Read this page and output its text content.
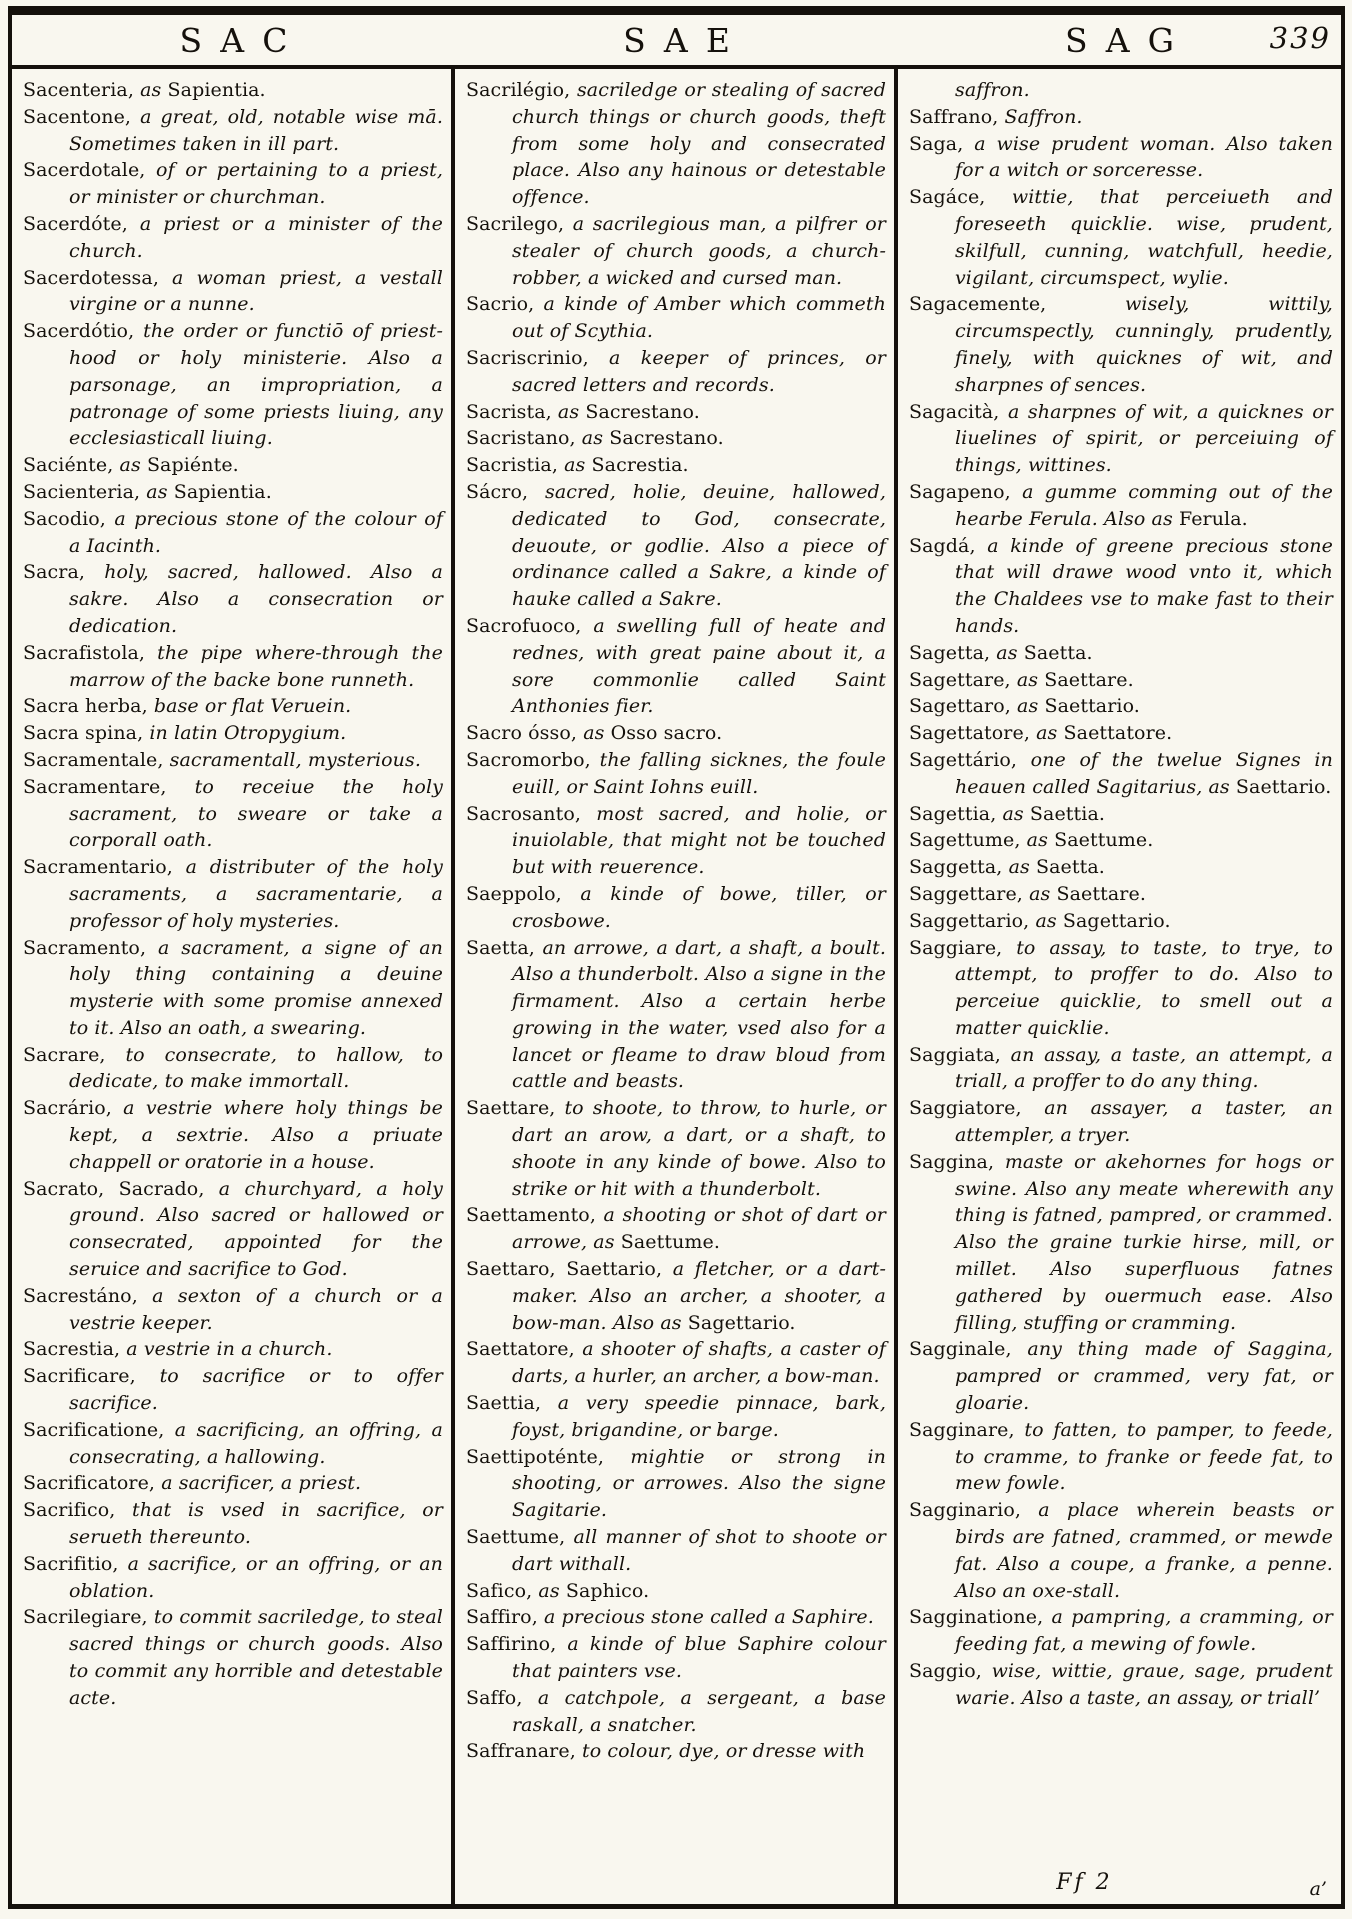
SAC	SAE	SAG	339
Sacenteria, as Sapientia.
Sacentone, a great, old, notable wise mā. Sometimes taken in ill part.
Sacerdotale, of or pertaining to a priest, or minister or churchman.
Sacerdóte, a priest or a minister of the church.
Sacerdotessa, a woman priest, a vestall virgine or a nunne.
Sacerdótio, the order or functiō of priest-hood or holy ministerie. Also a parsonage, an impropriation, a patronage of some priests liuing, any ecclesiasticall liuing.
Saciénte, as Sapiénte.
Sacienteria, as Sapientia.
Sacodio, a precious stone of the colour of a Iacinth.
Sacra, holy, sacred, hallowed. Also a sakre. Also a consecration or dedication.
Sacrafistola, the pipe where-through the marrow of the backe bone runneth.
Sacra herba, base or flat Veruein.
Sacra spina, in latin Otropygium.
Sacramentale, sacramentall, mysterious.
Sacramentare, to receiue the holy sacrament, to sweare or take a corporall oath.
Sacramentario, a distributer of the holy sacraments, a sacramentarie, a professor of holy mysteries.
Sacramento, a sacrament, a signe of an holy thing containing a deuine mysterie with some promise annexed to it. Also an oath, a swearing.
Sacrare, to consecrate, to hallow, to dedicate, to make immortall.
Sacrário, a vestrie where holy things be kept, a sextrie. Also a priuate chappell or oratorie in a house.
Sacrato, Sacrado, a churchyard, a holy ground. Also sacred or hallowed or consecrated, appointed for the seruice and sacrifice to God.
Sacrestáno, a sexton of a church or a vestrie keeper.
Sacrestia, a vestrie in a church.
Sacrificare, to sacrifice or to offer sacrifice.
Sacrificatione, a sacrificing, an offring, a consecrating, a hallowing.
Sacrificatore, a sacrificer, a priest.
Sacrifico, that is vsed in sacrifice, or serueth thereunto.
Sacrifitio, a sacrifice, or an offring, or an oblation.
Sacrilegiare, to commit sacriledge, to steal sacred things or church goods. Also to commit any horrible and detestable acte.
Sacrilégio, sacriledge or stealing of sacred church things or church goods, theft from some holy and consecrated place. Also any hainous or detestable offence.
Sacrilego, a sacrilegious man, a pilfrer or stealer of church goods, a church-robber, a wicked and cursed man.
Sacrio, a kinde of Amber which commeth out of Scythia.
Sacriscrinio, a keeper of princes, or sacred letters and records.
Sacrista, as Sacrestano.
Sacristano, as Sacrestano.
Sacristia, as Sacrestia.
Sácro, sacred, holie, deuine, hallowed, dedicated to God, consecrate, deuoute, or godlie. Also a piece of ordinance called a Sakre, a kinde of hauke called a Sakre.
Sacrofuoco, a swelling full of heate and rednes, with great paine about it, a sore commonlie called Saint Anthonies fier.
Sacro ósso, as Osso sacro.
Sacromorbo, the falling sicknes, the foule euill, or Saint Iohns euill.
Sacrosanto, most sacred, and holie, or inuiolable, that might not be touched but with reuerence.
Saeppolo, a kinde of bowe, tiller, or crosbowe.
Saetta, an arrowe, a dart, a shaft, a boult. Also a thunderbolt. Also a signe in the firmament. Also a certain herbe growing in the water, vsed also for a lancet or fleame to draw bloud from cattle and beasts.
Saettare, to shoote, to throw, to hurle, or dart an arow, a dart, or a shaft, to shoote in any kinde of bowe. Also to strike or hit with a thunderbolt.
Saettamento, a shooting or shot of dart or arrowe, as Saettume.
Saettaro, Saettario, a fletcher, or a dart-maker. Also an archer, a shooter, a bow-man. Also as Sagettario.
Saettatore, a shooter of shafts, a caster of darts, a hurler, an archer, a bow-man.
Saettia, a very speedie pinnace, bark, foyst, brigandine, or barge.
Saettipoténte, mightie or strong in shooting, or arrowes. Also the signe Sagitarie.
Saettume, all manner of shot to shoote or dart withall.
Safico, as Saphico.
Saffiro, a precious stone called a Saphire.
Saffirino, a kinde of blue Saphire colour that painters vse.
Saffo, a catchpole, a sergeant, a base raskall, a snatcher.
Saffranare, to colour, dye, or dresse with
saffron.
Saffrano, Saffron.
Saga, a wise prudent woman. Also taken for a witch or sorceresse.
Sagáce, wittie, that perceiueth and foreseeth quicklie. wise, prudent, skilfull, cunning, watchfull, heedie, vigilant, circumspect, wylie.
Sagacemente, wisely, wittily, circumspectly, cunningly, prudently, finely, with quicknes of wit, and sharpnes of sences.
Sagacità, a sharpnes of wit, a quicknes or liuelines of spirit, or perceiuing of things, wittines.
Sagapeno, a gumme comming out of the hearbe Ferula. Also as Ferula.
Sagdá, a kinde of greene precious stone that will drawe wood vnto it, which the Chaldees vse to make fast to their hands.
Sagetta, as Saetta.
Sagettare, as Saettare.
Sagettaro, as Saettario.
Sagettatore, as Saettatore.
Sagettário, one of the twelue Signes in heauen called Sagitarius, as Saettario.
Sagettia, as Saettia.
Sagettume, as Saettume.
Saggetta, as Saetta.
Saggettare, as Saettare.
Saggettario, as Sagettario.
Saggiare, to assay, to taste, to trye, to attempt, to proffer to do. Also to perceiue quicklie, to smell out a matter quicklie.
Saggiata, an assay, a taste, an attempt, a triall, a proffer to do any thing.
Saggiatore, an assayer, a taster, an attempler, a tryer.
Saggina, maste or akehornes for hogs or swine. Also any meate wherewith any thing is fatned, pampred, or crammed. Also the graine turkie hirse, mill, or millet. Also superfluous fatnes gathered by ouermuch ease. Also filling, stuffing or cramming.
Sagginale, any thing made of Saggina, pampred or crammed, very fat, or gloarie.
Sagginare, to fatten, to pamper, to feede, to cramme, to franke or feede fat, to mew fowle.
Sagginario, a place wherein beasts or birds are fatned, crammed, or mewde fat. Also a coupe, a franke, a penne. Also an oxe-stall.
Sagginatione, a pampring, a cramming, or feeding fat, a mewing of fowle.
Saggio, wise, wittie, graue, sage, prudent warie. Also a taste, an assay, or triall’
Ff 2	a’
